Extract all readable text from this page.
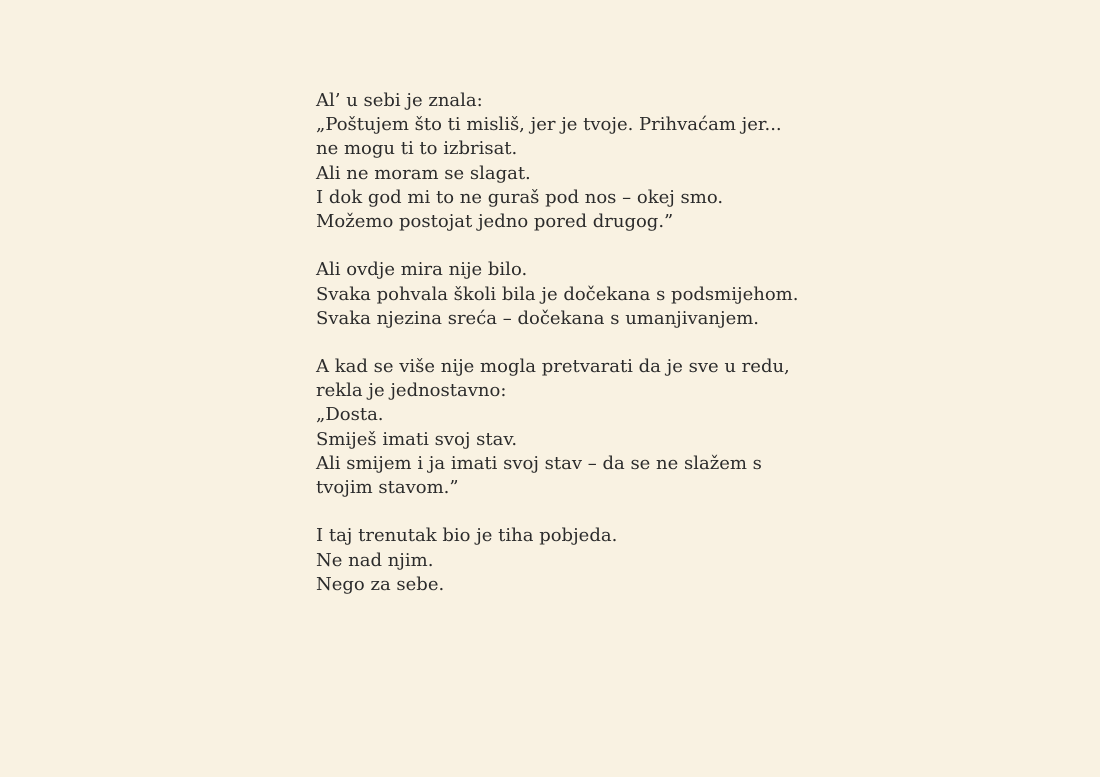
Al’ u sebi je znala:
„Poštujem što ti misliš, jer je tvoje. Prihvaćam jer...
ne mogu ti to izbrisat.
Ali ne moram se slagat.
I dok god mi to ne guraš pod nos – okej smo.
Možemo postojat jedno pored drugog.”
Ali ovdje mira nije bilo.
Svaka pohvala školi bila je dočekana s podsmijehom.
Svaka njezina sreća – dočekana s umanjivanjem.
A kad se više nije mogla pretvarati da je sve u redu,
rekla je jednostavno:
„Dosta.
Smiješ imati svoj stav.
Ali smijem i ja imati svoj stav – da se ne slažem s
tvojim stavom.”
I taj trenutak bio je tiha pobjeda.
Ne nad njim.
Nego za sebe.
